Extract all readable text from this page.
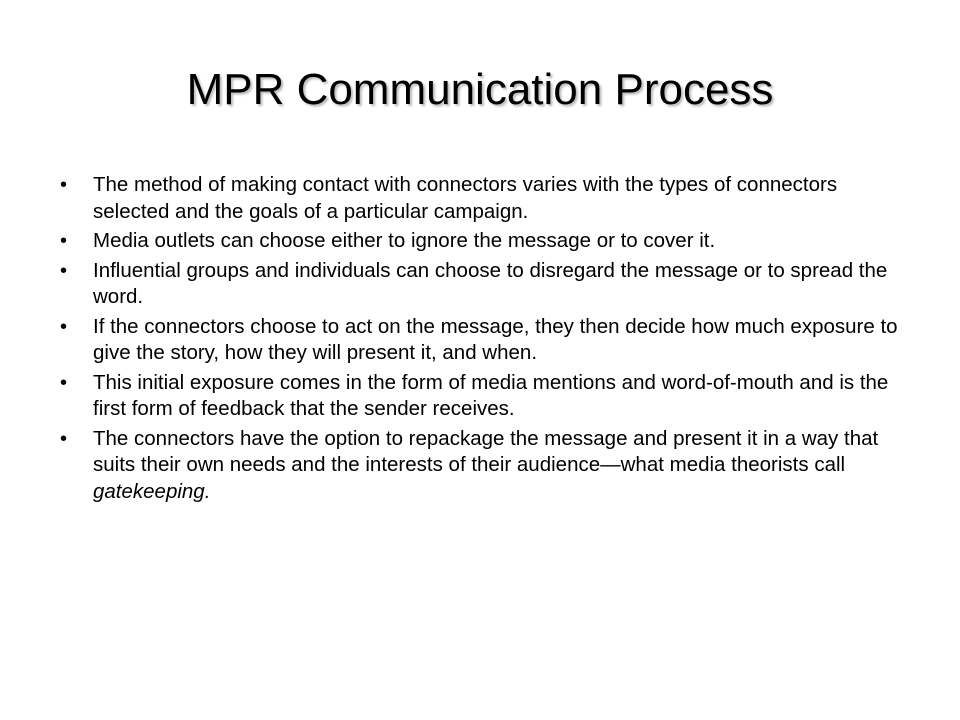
MPR Communication Process
•	The method of making contact with connectors varies with the types of connectors selected and the goals of a particular campaign.
•	Media outlets can choose either to ignore the message or to cover it.
•	Influential groups and individuals can choose to disregard the message or to spread the word.
•	If the connectors choose to act on the message, they then decide how much exposure to give the story, how they will present it, and when.
•	This initial exposure comes in the form of media mentions and word-of-mouth and is the first form of feedback that the sender receives.
•	The connectors have the option to repackage the message and present it in a way that suits their own needs and the interests of their audience—what media theorists call gatekeeping.
